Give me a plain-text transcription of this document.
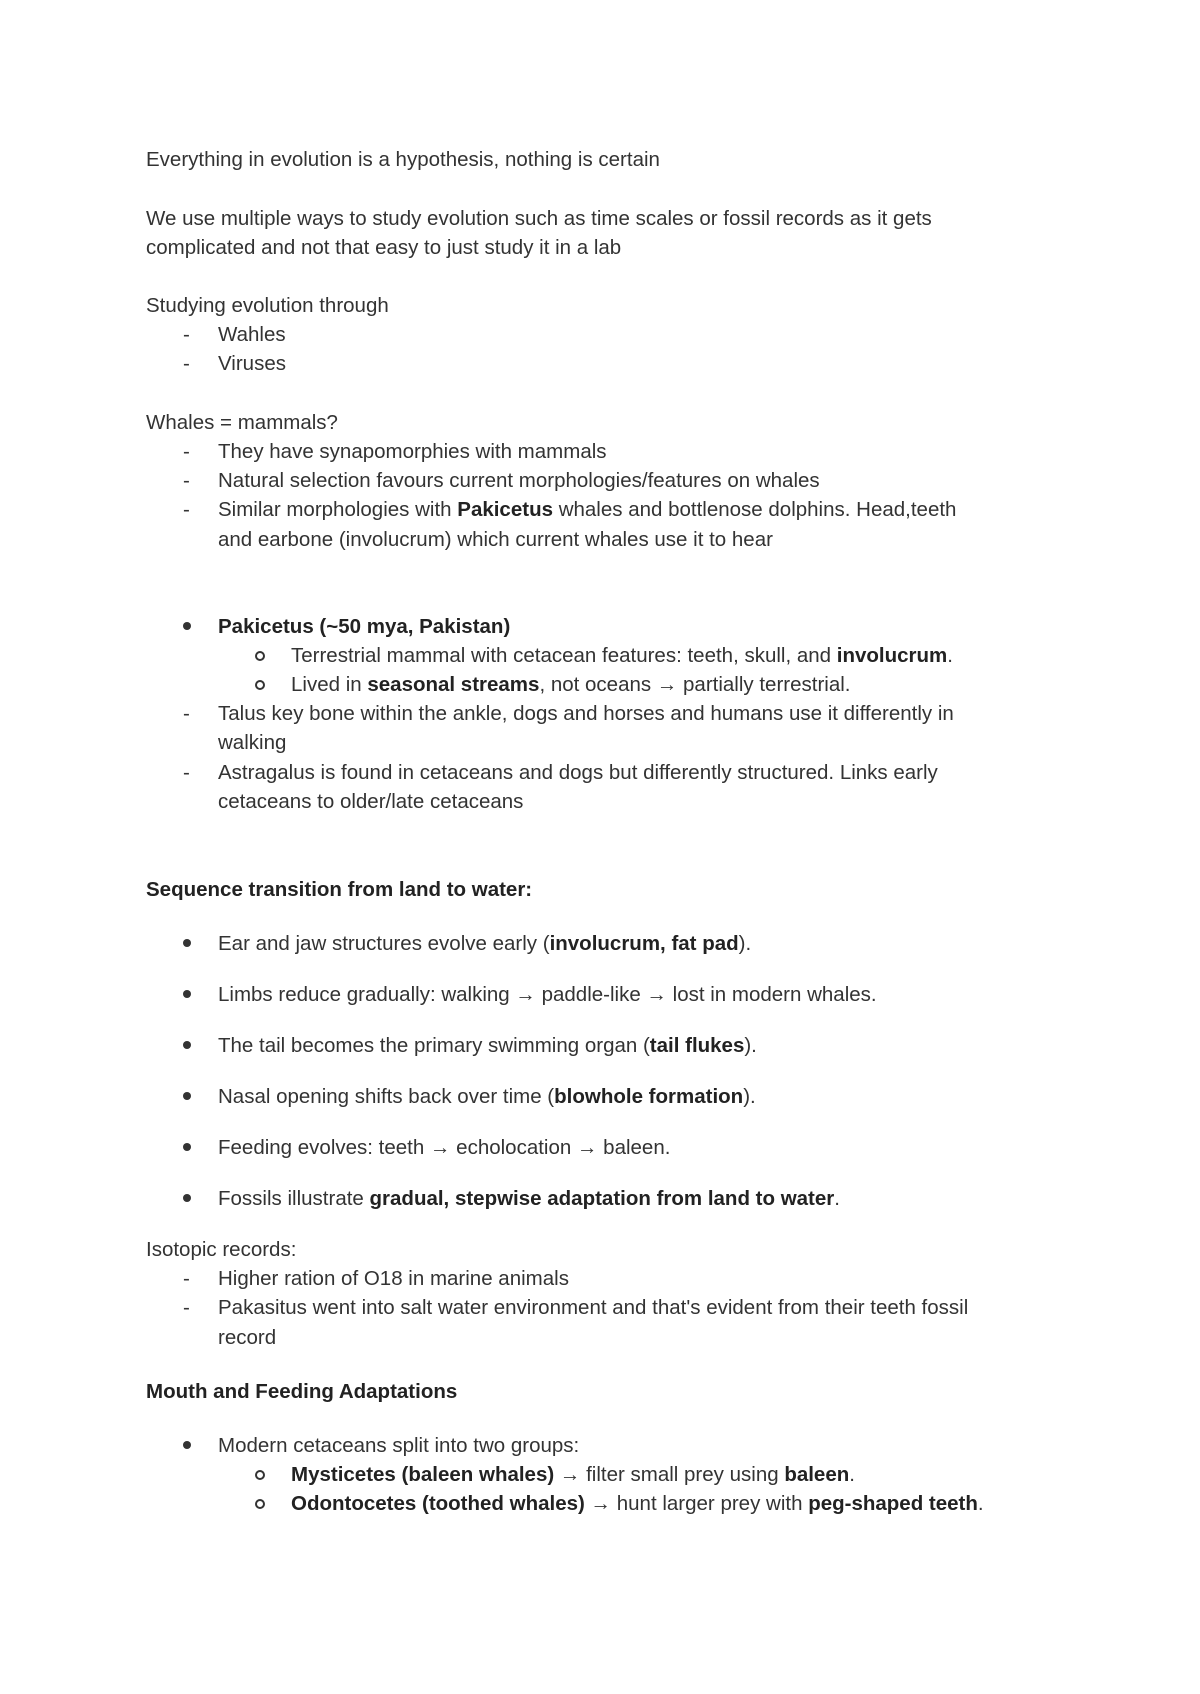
Everything in evolution is a hypothesis, nothing is certain
We use multiple ways to study evolution such as time scales or fossil records as it gets
complicated and not that easy to just study it in a lab
Studying evolution through
- Wahles
- Viruses
Whales = mammals?
- They have synapomorphies with mammals
- Natural selection favours current morphologies/features on whales
- Similar morphologies with Pakicetus whales and bottlenose dolphins. Head,teeth
and earbone (involucrum) which current whales use it to hear
Pakicetus (~50 mya, Pakistan)
Terrestrial mammal with cetacean features: teeth, skull, and involucrum.
Lived in seasonal streams, not oceans → partially terrestrial.
- Talus key bone within the ankle, dogs and horses and humans use it differently in
walking
- Astragalus is found in cetaceans and dogs but differently structured. Links early
cetaceans to older/late cetaceans
Sequence transition from land to water:
Ear and jaw structures evolve early (involucrum, fat pad).
Limbs reduce gradually: walking → paddle-like → lost in modern whales.
The tail becomes the primary swimming organ (tail flukes).
Nasal opening shifts back over time (blowhole formation).
Feeding evolves: teeth → echolocation → baleen.
Fossils illustrate gradual, stepwise adaptation from land to water.
Isotopic records:
- Higher ration of O18 in marine animals
- Pakasitus went into salt water environment and that's evident from their teeth fossil
record
Mouth and Feeding Adaptations
Modern cetaceans split into two groups:
Mysticetes (baleen whales) → filter small prey using baleen.
Odontocetes (toothed whales) → hunt larger prey with peg-shaped teeth.
